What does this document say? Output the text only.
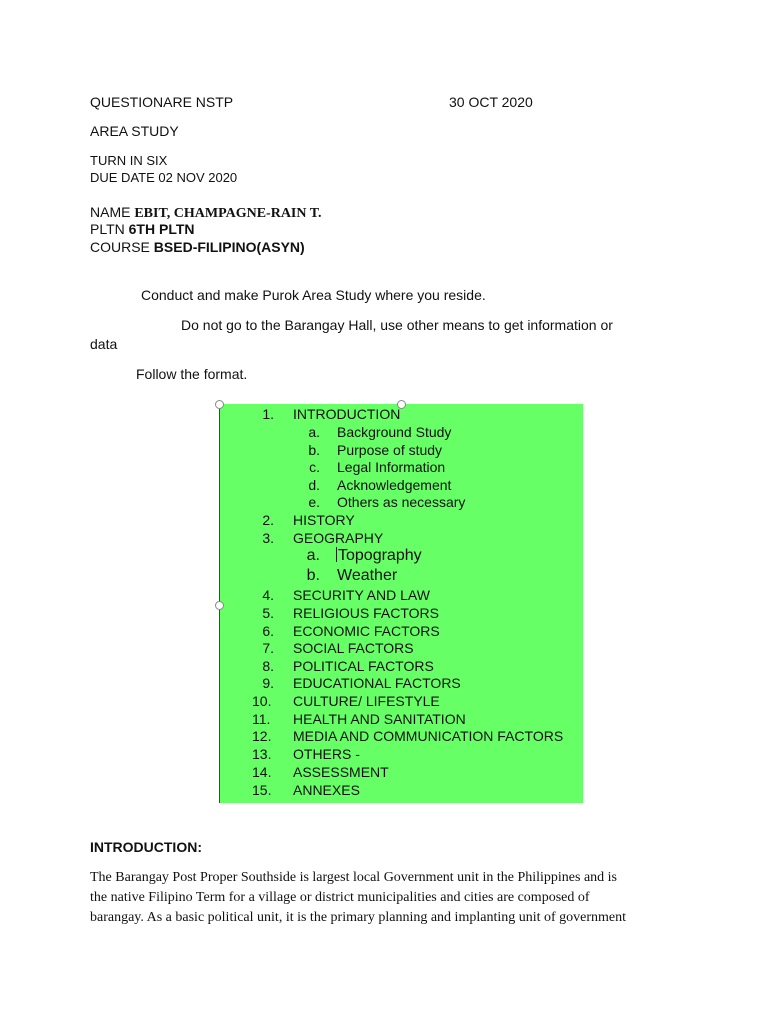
QUESTIONARE NSTP	30 OCT 2020
AREA STUDY
TURN IN SIX
DUE DATE 02 NOV 2020
NAME EBIT, CHAMPAGNE-RAIN T.
PLTN 6TH PLTN
COURSE BSED-FILIPINO(ASYN)
Conduct and make Purok Area Study where you reside.
Do not go to the Barangay Hall, use other means to get information or
data
Follow the format.
1. INTRODUCTION
a. Background Study
b. Purpose of study
c. Legal Information
d. Acknowledgement
e. Others as necessary
2. HISTORY
3. GEOGRAPHY
a. Topography
b. Weather
4. SECURITY AND LAW
5. RELIGIOUS FACTORS
6. ECONOMIC FACTORS
7. SOCIAL FACTORS
8. POLITICAL FACTORS
9. EDUCATIONAL FACTORS
10.	CULTURE/ LIFESTYLE
11.	HEALTH AND SANITATION
12.	MEDIA AND COMMUNICATION FACTORS
13.	OTHERS -
14.	ASSESSMENT
15.	ANNEXES
INTRODUCTION:
The Barangay Post Proper Southside is largest local Government unit in the Philippines and is
the native Filipino Term for a village or district municipalities and cities are composed of
barangay. As a basic political unit, it is the primary planning and implanting unit of government
